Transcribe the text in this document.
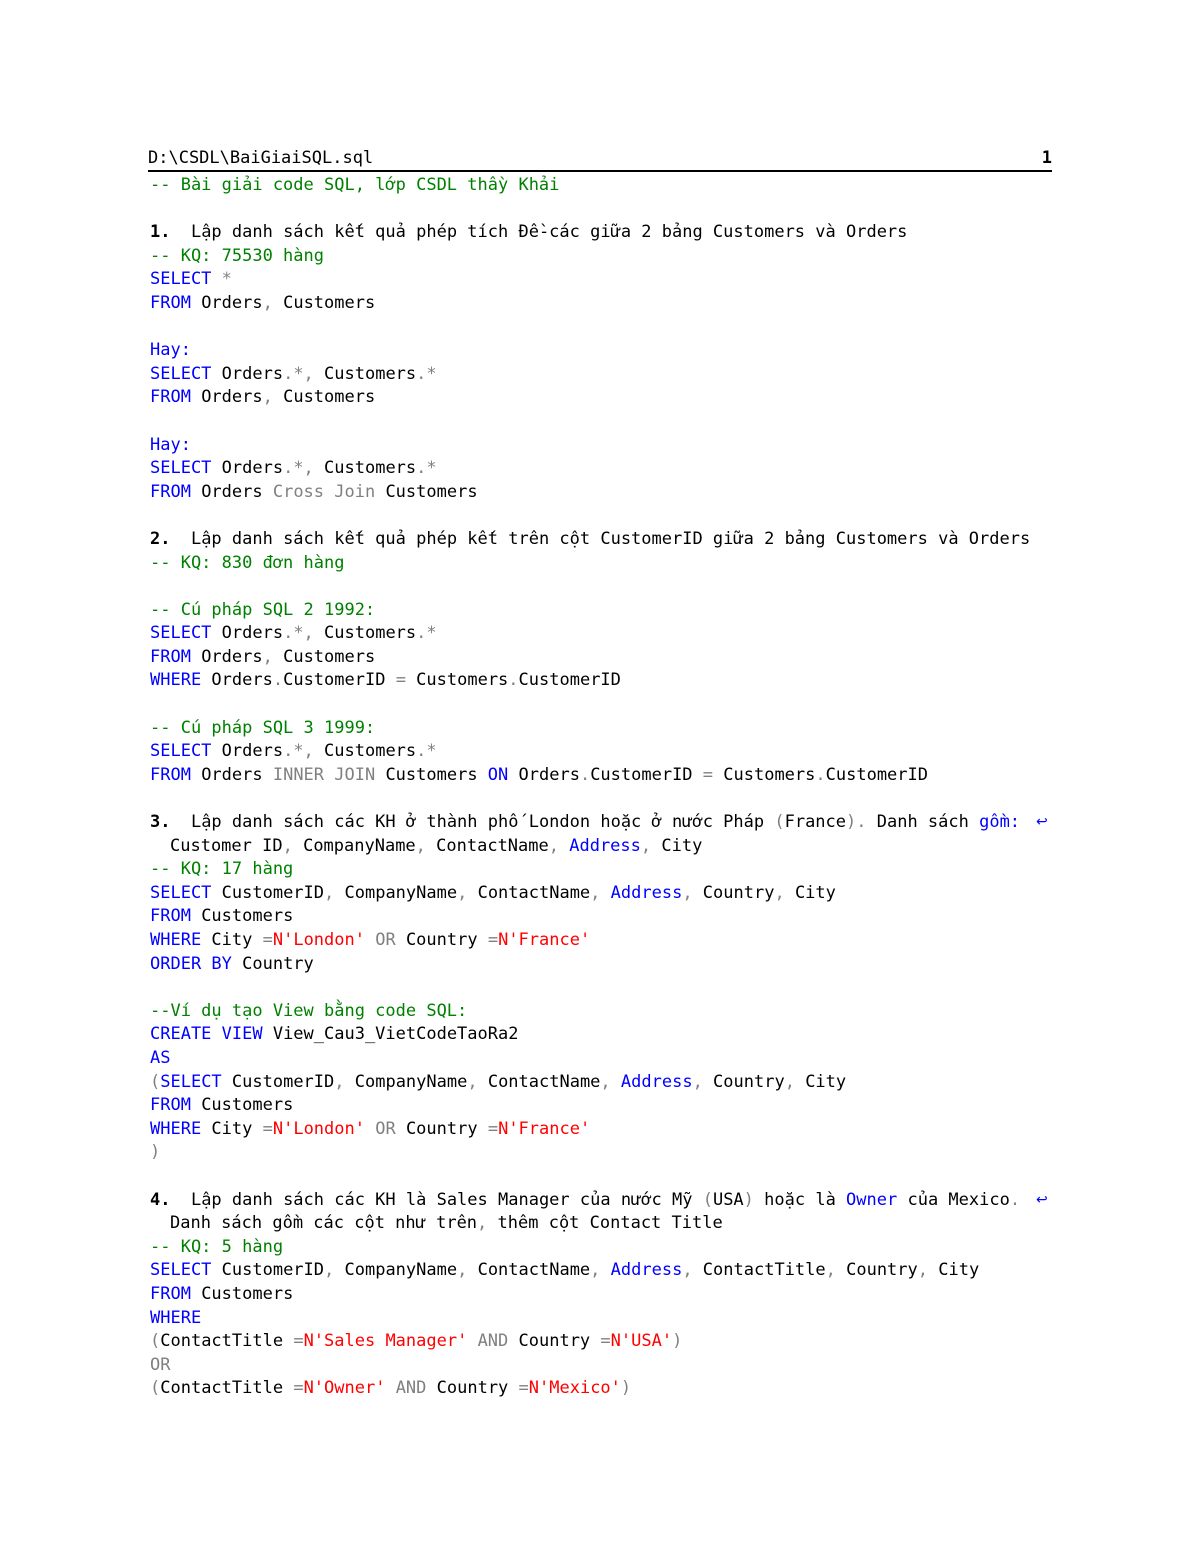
D:\CSDL\BaiGiaiSQL.sql	1
-- Bài giải code SQL, lớp CSDL thầy Khải
1.  Lập danh sách kết quả phép tích Đề-các giữa 2 bảng Customers và Orders
-- KQ: 75530 hàng
SELECT *
FROM Orders, Customers
Hay:
SELECT Orders.*, Customers.*
FROM Orders, Customers
Hay:
SELECT Orders.*, Customers.*
FROM Orders Cross Join Customers
2.  Lập danh sách kết quả phép kết trên cột CustomerID giữa 2 bảng Customers và Orders
-- KQ: 830 đơn hàng
-- Cú pháp SQL 2 1992:
SELECT Orders.*, Customers.*
FROM Orders, Customers
WHERE Orders.CustomerID = Customers.CustomerID
-- Cú pháp SQL 3 1999:
SELECT Orders.*, Customers.*
FROM Orders INNER JOIN Customers ON Orders.CustomerID = Customers.CustomerID
3.  Lập danh sách các KH ở thành phố London hoặc ở nước Pháp (France). Danh sách gồm: ↩
Customer ID, CompanyName, ContactName, Address, City
-- KQ: 17 hàng
SELECT CustomerID, CompanyName, ContactName, Address, Country, City
FROM Customers
WHERE City =N'London' OR Country =N'France'
ORDER BY Country
--Ví dụ tạo View bằng code SQL:
CREATE VIEW View_Cau3_VietCodeTaoRa2
AS
(SELECT CustomerID, CompanyName, ContactName, Address, Country, City
FROM Customers
WHERE City =N'London' OR Country =N'France'
)
4.  Lập danh sách các KH là Sales Manager của nước Mỹ (USA) hoặc là Owner của Mexico. ↩
Danh sách gồm các cột như trên, thêm cột Contact Title
-- KQ: 5 hàng
SELECT CustomerID, CompanyName, ContactName, Address, ContactTitle, Country, City
FROM Customers
WHERE
(ContactTitle =N'Sales Manager' AND Country =N'USA')
OR
(ContactTitle =N'Owner' AND Country =N'Mexico')
